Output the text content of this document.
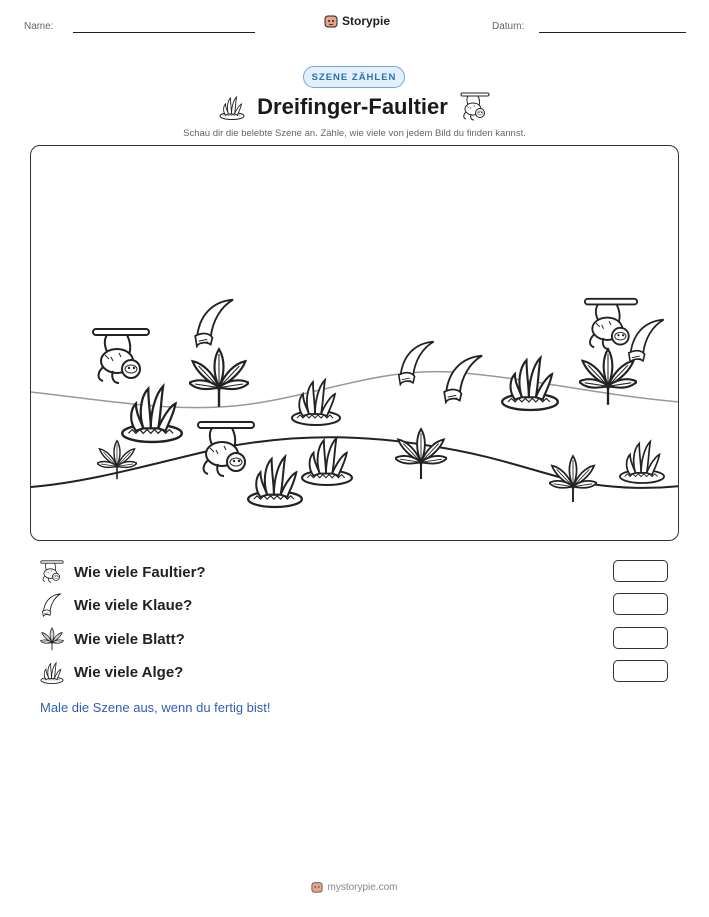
Name:	Storypie	Datum:
SZENE ZÄHLEN
Dreifinger-Faultier
Schau dir die belebte Szene an. Zähle, wie viele von jedem Bild du finden kannst.
Wie viele Faultier?
Wie viele Klaue?
Wie viele Blatt?
Wie viele Alge?
Male die Szene aus, wenn du fertig bist!
mystorypie.com
